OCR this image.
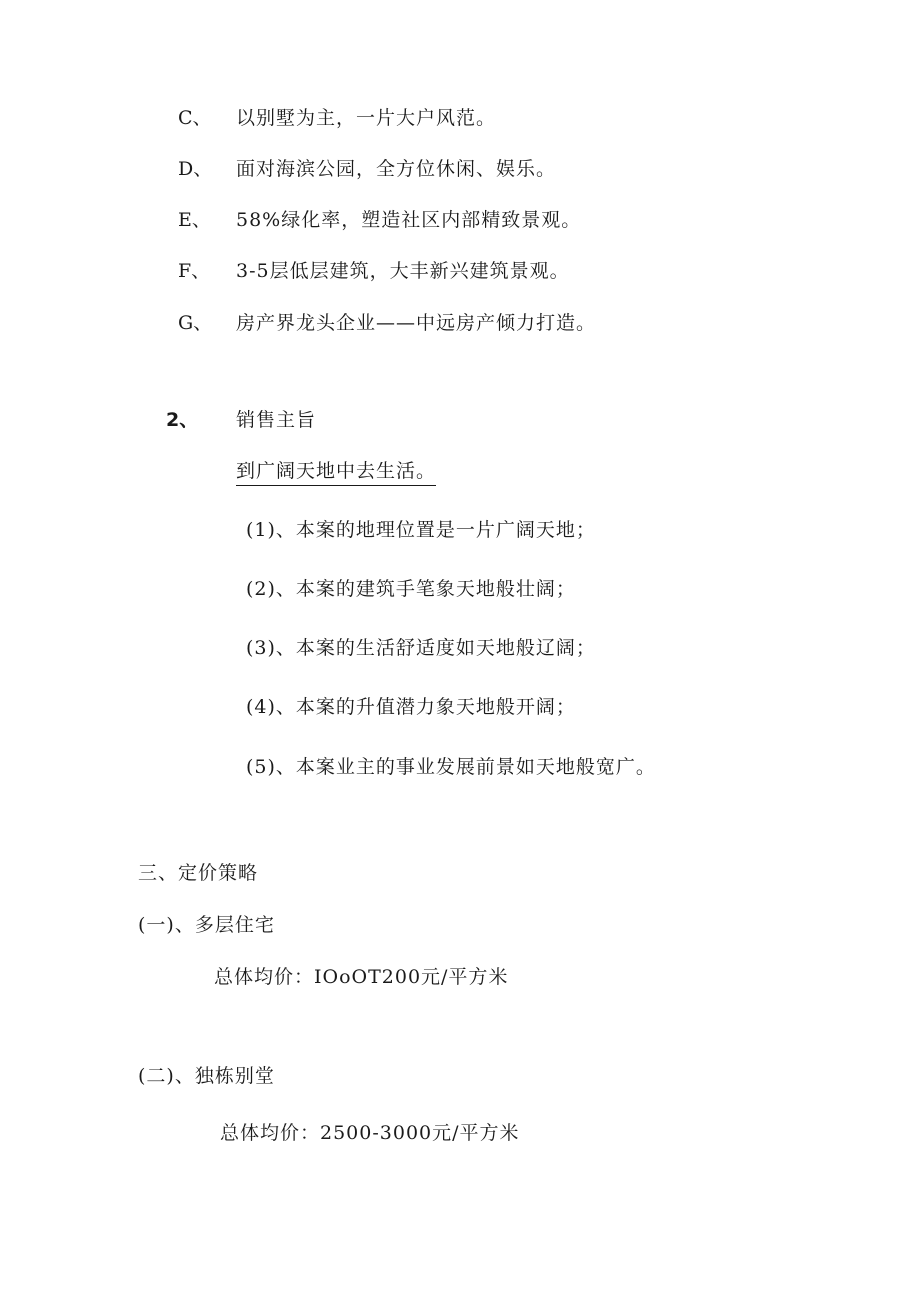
C、 以别墅为主，一片大户风范。
D、 面对海滨公园，全方位休闲、娱乐。
E、 58%绿化率，塑造社区内部精致景观。
F、 3-5层低层建筑，大丰新兴建筑景观。
G、 房产界龙头企业——中远房产倾力打造。
2、 销售主旨
到广阔天地中去生活。
(1)、本案的地理位置是一片广阔天地；
(2)、本案的建筑手笔象天地般壮阔；
(3)、本案的生活舒适度如天地般辽阔；
(4)、本案的升值潜力象天地般开阔；
(5)、本案业主的事业发展前景如天地般宽广。
三、定价策略
(一)、多层住宅
总体均价：IOoOT200元/平方米
(二)、独栋别堂
总体均价：2500-3000元/平方米
